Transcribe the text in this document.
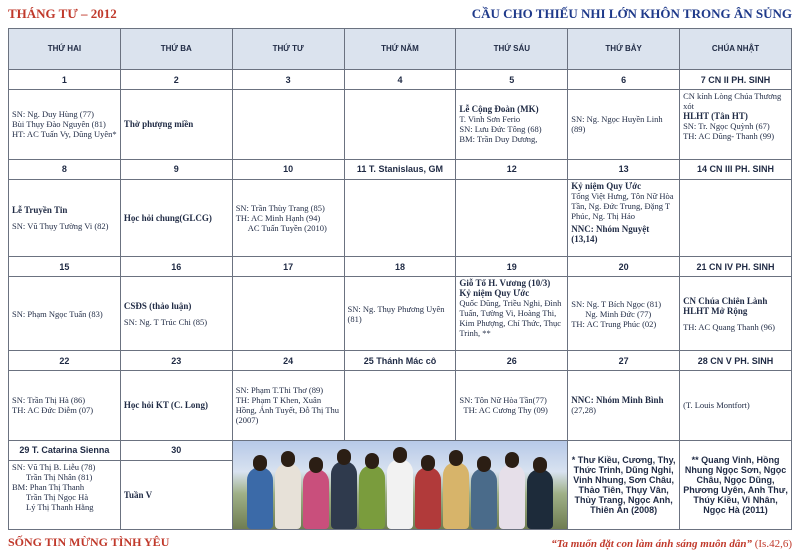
THÁNG TƯ – 2012	CẦU CHO THIẾU NHI LỚN KHÔN TRONG ÂN SỦNG
THỨ HAI	THỨ BA	THỨ TƯ	THỨ NĂM	THỨ SÁU	THỨ BẢY	CHÚA NHẬT
1	2	3	4	5	6	7 CN II PH. SINH

SN: Ng. Duy Hùng (77)
Bùi Thụy Đào Nguyên (81)
HT: AC Tuấn Vy, Dũng Uyên*	Thờ phượng miền			Lễ Cộng Đoàn (MK)
T. Vinh Sơn Ferio
SN: Lưu Đức Tông (68)
BM: Trần Duy Dương,	SN: Ng. Ngọc Huyền Linh (89)	CN kính Lòng Chúa Thương xót
HLHT (Tân HT)
SN: Tr. Ngọc Quỳnh (67)
TH: AC Dũng- Thanh (99)

8	9	10	11 T. Stanislaus, GM	12	13	14 CN III PH. SINH

Lễ Truyền Tin
SN: Vũ Thụy Tường Vi (82)	Học hỏi chung(GLCG)	SN: Trần Thùy Trang (85)
TH: AC Minh Hạnh (94)
AC Tuấn Tuyền (2010)			Kỷ niệm Quy Ước
Tống Việt Hưng, Tôn Nữ Hòa Tần, Ng. Đức Trung, Đặng T Phúc, Ng. Thị Hảo
NNC: Nhóm Nguyệt (13,14)	

15	16	17	18	19	20	21 CN IV PH. SINH

SN: Phạm Ngọc Tuấn (83)	CSĐS (thảo luận)
SN: Ng. T Trúc Chi (85)		SN: Ng. Thụy Phương Uyên (81)	Giỗ Tổ H. Vương (10/3)
Kỷ niệm Quy Ước
Quốc Dũng, Triều Nghi, Đình Tuấn, Tường Vi, Hoàng Thi, Kim Phượng, Chí Thức, Thục Trinh, **	SN: Ng. T Bích Ngọc (81)
Ng. Minh Đức (77)
TH: AC Trung Phúc (02)	CN Chúa Chiên Lành
HLHT Mở Rộng
TH: AC Quang Thanh (96)

22	23	24	25 Thánh Mác cô	26	27	28 CN V PH. SINH

SN: Trần Thị Hà (86)
TH: AC Đức Diễm (07)	Học hỏi KT (C. Long)	SN: Phạm T.Thi Thơ (89)
TH: Phạm T Khen, Xuân Hồng, Ánh Tuyết, Đỗ Thị Thu (2007)		SN: Tôn Nữ Hòa Tần(77)
TH: AC Cương Thy (09)	NNC: Nhóm Minh Bình
(27,28)	(T. Louis Montfort)

29 T. Catarina Sienna	30				* Thư Kiều, Cương, Thy, Thức Trinh, Dũng Nghi, Vinh Nhung, Sơn Châu, Thảo Tiên, Thụy Vân, Thủy Trang, Ngọc Anh, Thiên Ân (2008)	** Quang Vinh, Hồng Nhung Ngọc Sơn, Ngọc Châu, Ngọc Dũng, Phương Uyên, Anh Thư, Thúy Kiều, Vi Nhân, Ngọc Hà (2011)

SN: Vũ Thị B. Liễu (78)
Trần Thị Nhân (81)
BM: Phan Thị Thanh
Trần Thị Ngọc Hà
Lý Thị Thanh Hằng	Tuần V					
SỐNG TIN MỪNG TÌNH YÊU	“Ta muốn đặt con làm ánh sáng muôn dân” (Is.42,6)
